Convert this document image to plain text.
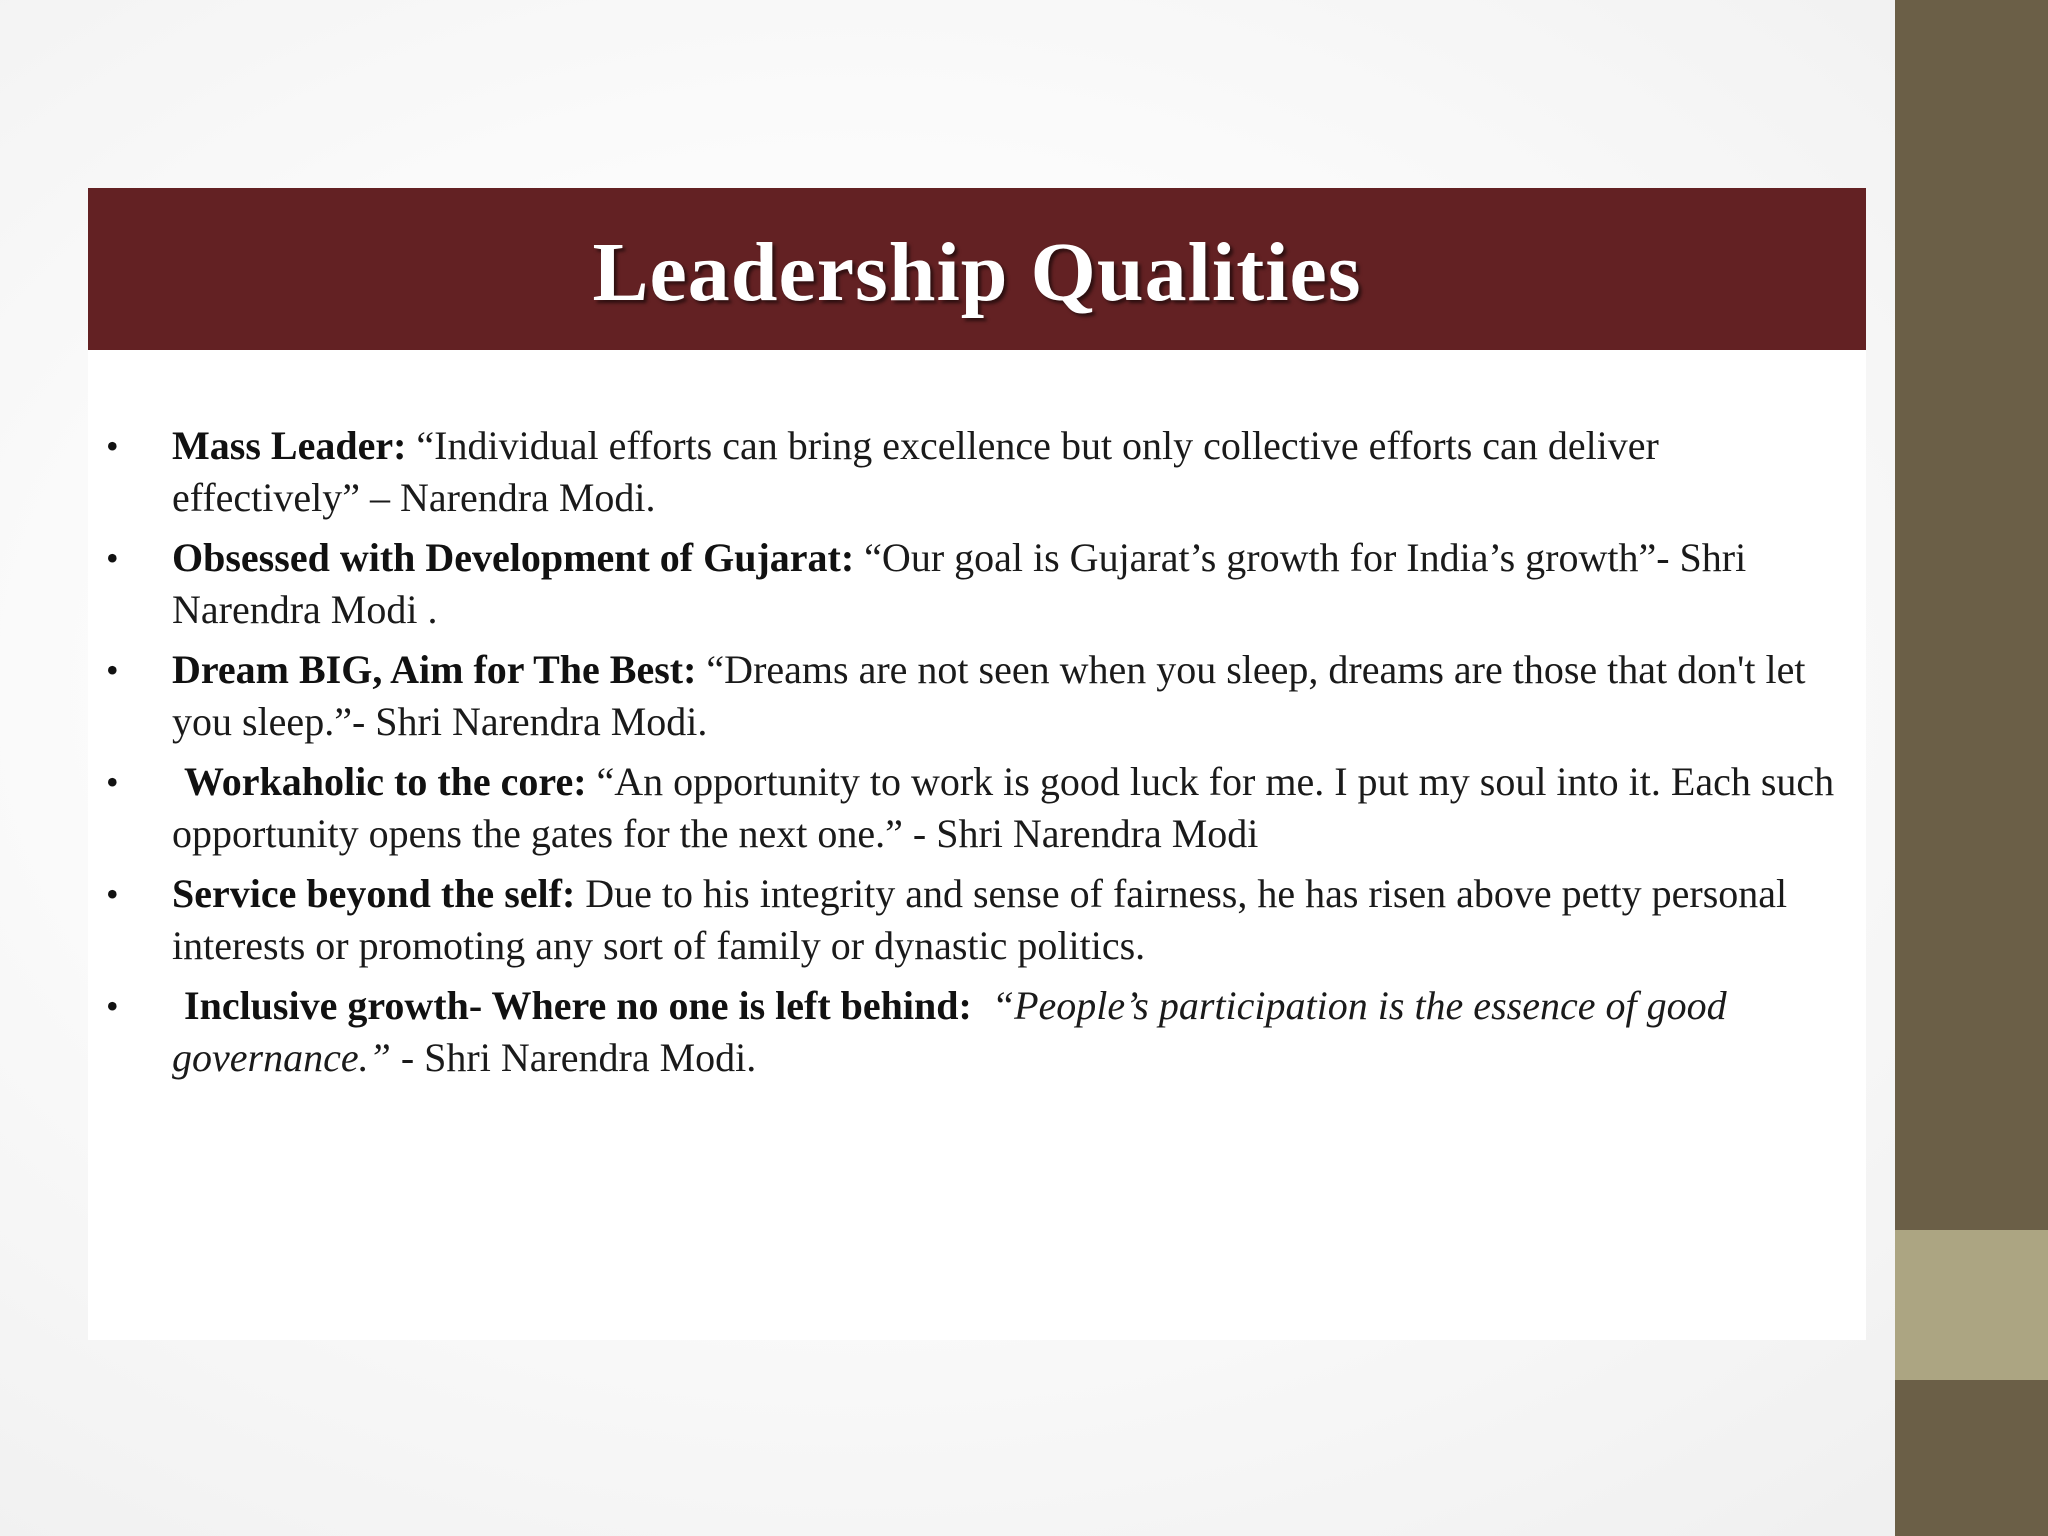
Leadership Qualities
• Mass Leader: “Individual efforts can bring excellence but only collective efforts can deliver effectively” – Narendra Modi.
• Obsessed with Development of Gujarat: “Our goal is Gujarat’s growth for India’s growth”- Shri Narendra Modi .
• Dream BIG, Aim for The Best: “Dreams are not seen when you sleep, dreams are those that don't let you sleep.”- Shri Narendra Modi.
• Workaholic to the core: “An opportunity to work is good luck for me. I put my soul into it. Each such opportunity opens the gates for the next one.” - Shri Narendra Modi
• Service beyond the self: Due to his integrity and sense of fairness, he has risen above petty personal interests or promoting any sort of family or dynastic politics.
• Inclusive growth- Where no one is left behind: “People’s participation is the essence of good governance.” - Shri Narendra Modi.
